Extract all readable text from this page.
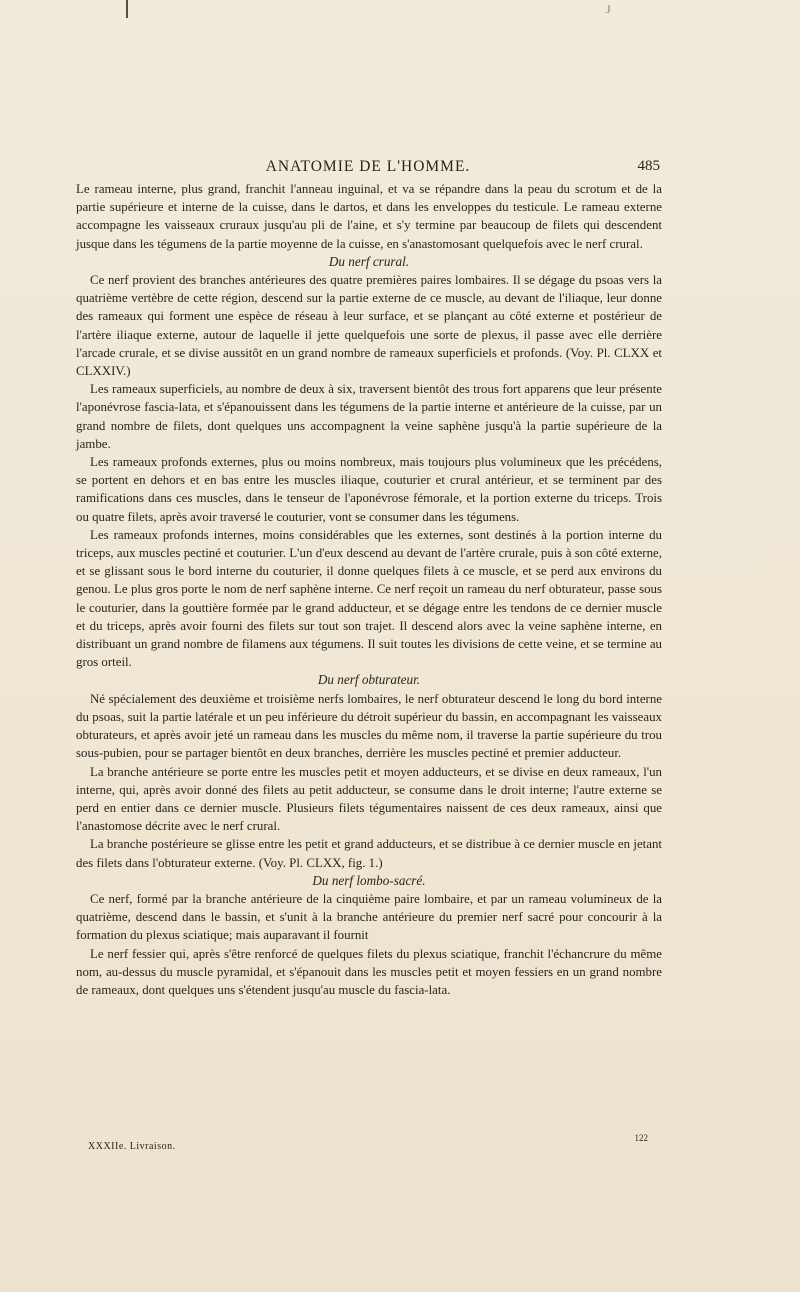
J
ANATOMIE DE L'HOMME.	485

Le rameau interne, plus grand, franchit l'anneau inguinal, et va se répandre dans la peau du scrotum et de la partie supérieure et interne de la cuisse, dans le dartos, et dans les enveloppes du testicule. Le rameau externe accompagne les vaisseaux cruraux jusqu'au pli de l'aine, et s'y termine par beaucoup de filets qui descendent jusque dans les tégumens de la partie moyenne de la cuisse, en s'anastomosant quelquefois avec le nerf crural.

Du nerf crural.

Ce nerf provient des branches antérieures des quatre premières paires lombaires. Il se dégage du psoas vers la quatrième vertèbre de cette région, descend sur la partie externe de ce muscle, au devant de l'iliaque, leur donne des rameaux qui forment une espèce de réseau à leur surface, et se plançant au côté externe et postérieur de l'artère iliaque externe, autour de laquelle il jette quelquefois une sorte de plexus, il passe avec elle derrière l'arcade crurale, et se divise aussitôt en un grand nombre de rameaux superficiels et profonds. (Voy. Pl. CLXX et CLXXIV.)

Les rameaux superficiels, au nombre de deux à six, traversent bientôt des trous fort apparens que leur présente l'aponévrose fascia-lata, et s'épanouissent dans les tégumens de la partie interne et antérieure de la cuisse, par un grand nombre de filets, dont quelques uns accompagnent la veine saphène jusqu'à la partie supérieure de la jambe.

Les rameaux profonds externes, plus ou moins nombreux, mais toujours plus volumineux que les précédens, se portent en dehors et en bas entre les muscles iliaque, couturier et crural antérieur, et se terminent par des ramifications dans ces muscles, dans le tenseur de l'aponévrose fémorale, et la portion externe du triceps. Trois ou quatre filets, après avoir traversé le couturier, vont se consumer dans les tégumens.

Les rameaux profonds internes, moins considérables que les externes, sont destinés à la portion interne du triceps, aux muscles pectiné et couturier. L'un d'eux descend au devant de l'artère crurale, puis à son côté externe, et se glissant sous le bord interne du couturier, il donne quelques filets à ce muscle, et se perd aux environs du genou. Le plus gros porte le nom de nerf saphène interne. Ce nerf reçoit un rameau du nerf obturateur, passe sous le couturier, dans la gouttière formée par le grand adducteur, et se dégage entre les tendons de ce dernier muscle et du triceps, après avoir fourni des filets sur tout son trajet. Il descend alors avec la veine saphène interne, en distribuant un grand nombre de filamens aux tégumens. Il suit toutes les divisions de cette veine, et se termine au gros orteil.

Du nerf obturateur.

Né spécialement des deuxième et troisième nerfs lombaires, le nerf obturateur descend le long du bord interne du psoas, suit la partie latérale et un peu inférieure du détroit supérieur du bassin, en accompagnant les vaisseaux obturateurs, et après avoir jeté un rameau dans les muscles du même nom, il traverse la partie supérieure du trou sous-pubien, pour se partager bientôt en deux branches, derrière les muscles pectiné et premier adducteur.

La branche antérieure se porte entre les muscles petit et moyen adducteurs, et se divise en deux rameaux, l'un interne, qui, après avoir donné des filets au petit adducteur, se consume dans le droit interne; l'autre externe se perd en entier dans ce dernier muscle. Plusieurs filets tégumentaires naissent de ces deux rameaux, ainsi que l'anastomose décrite avec le nerf crural.

La branche postérieure se glisse entre les petit et grand adducteurs, et se distribue à ce dernier muscle en jetant des filets dans l'obturateur externe. (Voy. Pl. CLXX, fig. 1.)

Du nerf lombo-sacré.

Ce nerf, formé par la branche antérieure de la cinquième paire lombaire, et par un rameau volumineux de la quatrième, descend dans le bassin, et s'unit à la branche antérieure du premier nerf sacré pour concourir à la formation du plexus sciatique; mais auparavant il fournit

Le nerf fessier qui, après s'être renforcé de quelques filets du plexus sciatique, franchit l'échancrure du même nom, au-dessus du muscle pyramidal, et s'épanouit dans les muscles petit et moyen fessiers en un grand nombre de rameaux, dont quelques uns s'étendent jusqu'au muscle du fascia-lata.

XXXIIe. Livraison.
122
